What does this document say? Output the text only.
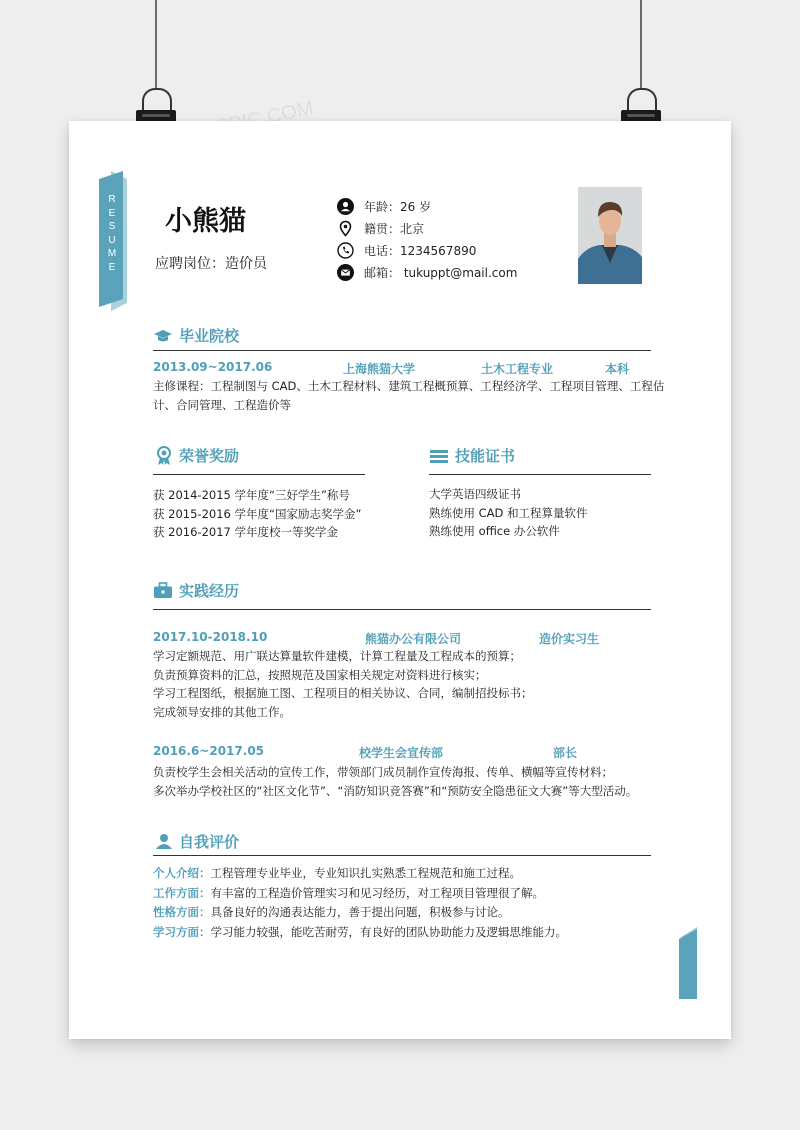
R
E
S
U
M
E
小熊猫
应聘岗位：造价员
年龄：26 岁
籍贯：北京
电话：1234567890
邮箱： tukuppt@mail.com
毕业院校
2013.09~2017.06	上海熊猫大学	土木工程专业	本科
主修课程：工程制图与 CAD、土木工程材料、建筑工程概预算、工程经济学、工程项目管理、工程估
计、合同管理、工程造价等
荣誉奖励
获 2014-2015 学年度“三好学生”称号
获 2015-2016 学年度“国家励志奖学金”
获 2016-2017 学年度校一等奖学金
技能证书
大学英语四级证书
熟练使用 CAD 和工程算量软件
熟练使用 office 办公软件
实践经历
2017.10-2018.10	熊猫办公有限公司	造价实习生
学习定额规范、用广联达算量软件建模，计算工程量及工程成本的预算；
负责预算资料的汇总，按照规范及国家相关规定对资料进行核实；
学习工程图纸，根据施工图、工程项目的相关协议、合同，编制招投标书；
完成领导安排的其他工作。
2016.6~2017.05	校学生会宣传部	部长
负责校学生会相关活动的宣传工作，带领部门成员制作宣传海报、传单、横幅等宣传材料；
多次举办学校社区的“社区文化节”、“消防知识竞答赛”和“预防安全隐患征文大赛”等大型活动。
自我评价
个人介绍：工程管理专业毕业，专业知识扎实熟悉工程规范和施工过程。
工作方面：有丰富的工程造价管理实习和见习经历，对工程项目管理很了解。
性格方面：具备良好的沟通表达能力，善于提出问题，积极参与讨论。
学习方面：学习能力较强，能吃苦耐劳，有良好的团队协助能力及逻辑思维能力。
